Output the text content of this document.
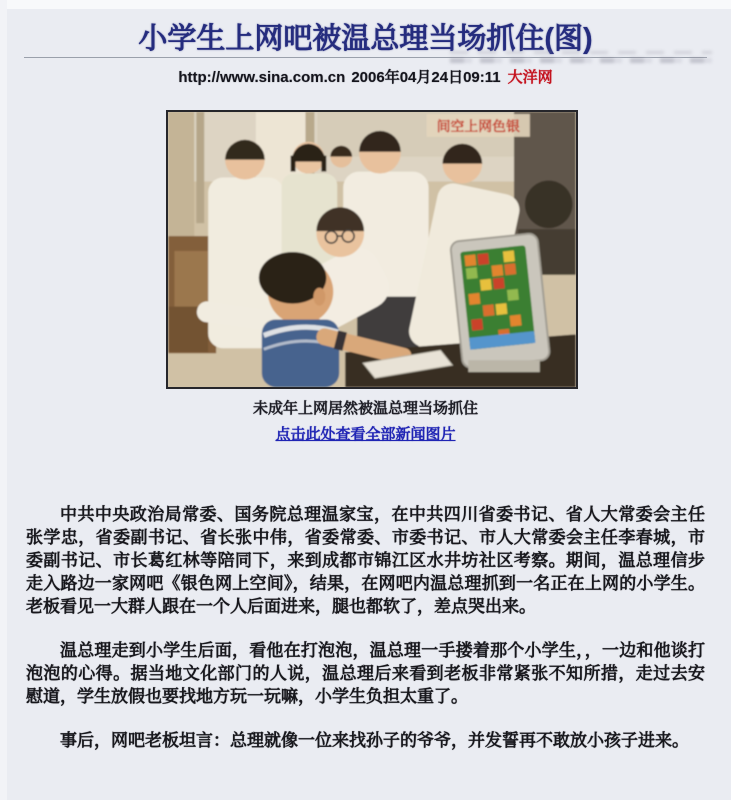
小学生上网吧被温总理当场抓住(图)
http://www.sina.com.cn 2006年04月24日09:11 大洋网
间空上网色银
未成年上网居然被温总理当场抓住
点击此处查看全部新闻图片

中共中央政治局常委、国务院总理温家宝，在中共四川省委书记、省人大常委会主任张学忠，省委副书记、省长张中伟，省委常委、市委书记、市人大常委会主任李春城，市委副书记、市长葛红林等陪同下，来到成都市锦江区水井坊社区考察。期间，温总理信步走入路边一家网吧《银色网上空间》，结果，在网吧内温总理抓到一名正在上网的小学生。老板看见一大群人跟在一个人后面进来，腿也都软了，差点哭出来。

温总理走到小学生后面，看他在打泡泡，温总理一手搂着那个小学生，，一边和他谈打泡泡的心得。据当地文化部门的人说，温总理后来看到老板非常紧张不知所措，走过去安慰道，学生放假也要找地方玩一玩嘛，小学生负担太重了。

事后，网吧老板坦言：总理就像一位来找孙子的爷爷，并发誓再不敢放小孩子进来。
